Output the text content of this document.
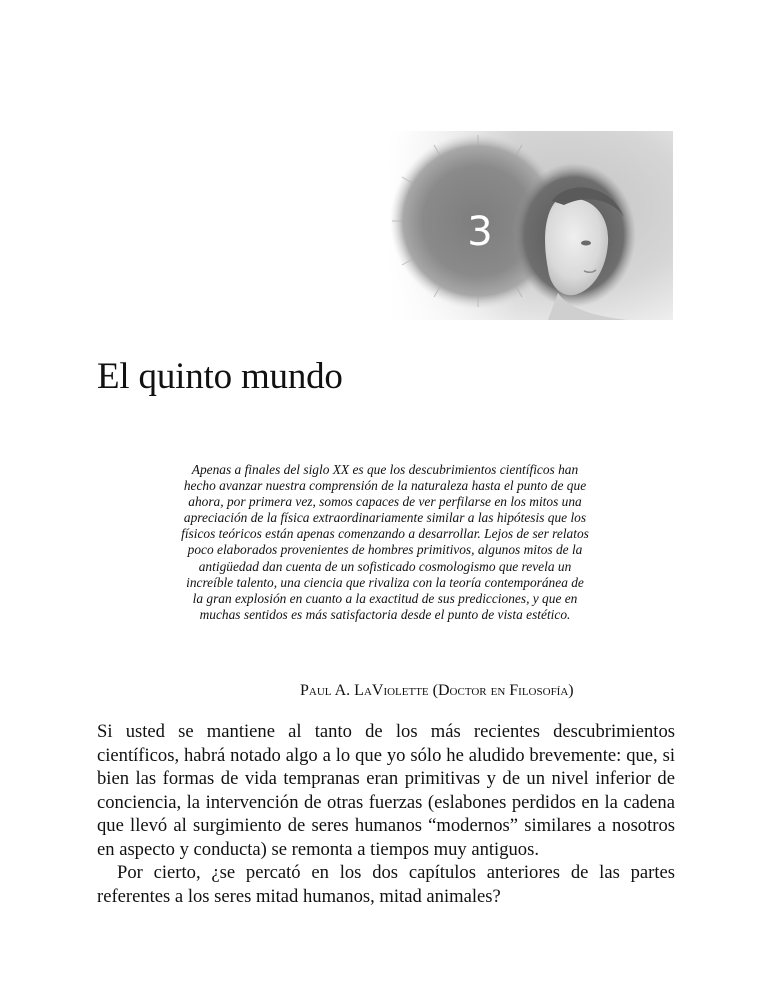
3
El quinto mundo

Apenas a finales del siglo XX es que los descubrimientos científicos han hecho avanzar nuestra comprensión de la naturaleza hasta el punto de que ahora, por primera vez, somos capaces de ver perfilarse en los mitos una apreciación de la física extraordinariamente similar a las hipótesis que los físicos teóricos están apenas comenzando a desarrollar. Lejos de ser relatos poco elaborados provenientes de hombres primitivos, algunos mitos de la antigüedad dan cuenta de un sofisticado cosmologismo que revela un increíble talento, una ciencia que rivaliza con la teoría contemporánea de la gran explosión en cuanto a la exactitud de sus predicciones, y que en muchas sentidos es más satisfactoria desde el punto de vista estético.

Paul A. LaViolette (Doctor en Filosofía)

Si usted se mantiene al tanto de los más recientes descubrimientos científicos, habrá notado algo a lo que yo sólo he aludido brevemente: que, si bien las formas de vida tempranas eran primitivas y de un nivel inferior de conciencia, la intervención de otras fuerzas (eslabones perdidos en la cadena que llevó al surgimiento de seres humanos “modernos” similares a nosotros en aspecto y conducta) se remonta a tiempos muy antiguos.

Por cierto, ¿se percató en los dos capítulos anteriores de las partes referentes a los seres mitad humanos, mitad animales?
